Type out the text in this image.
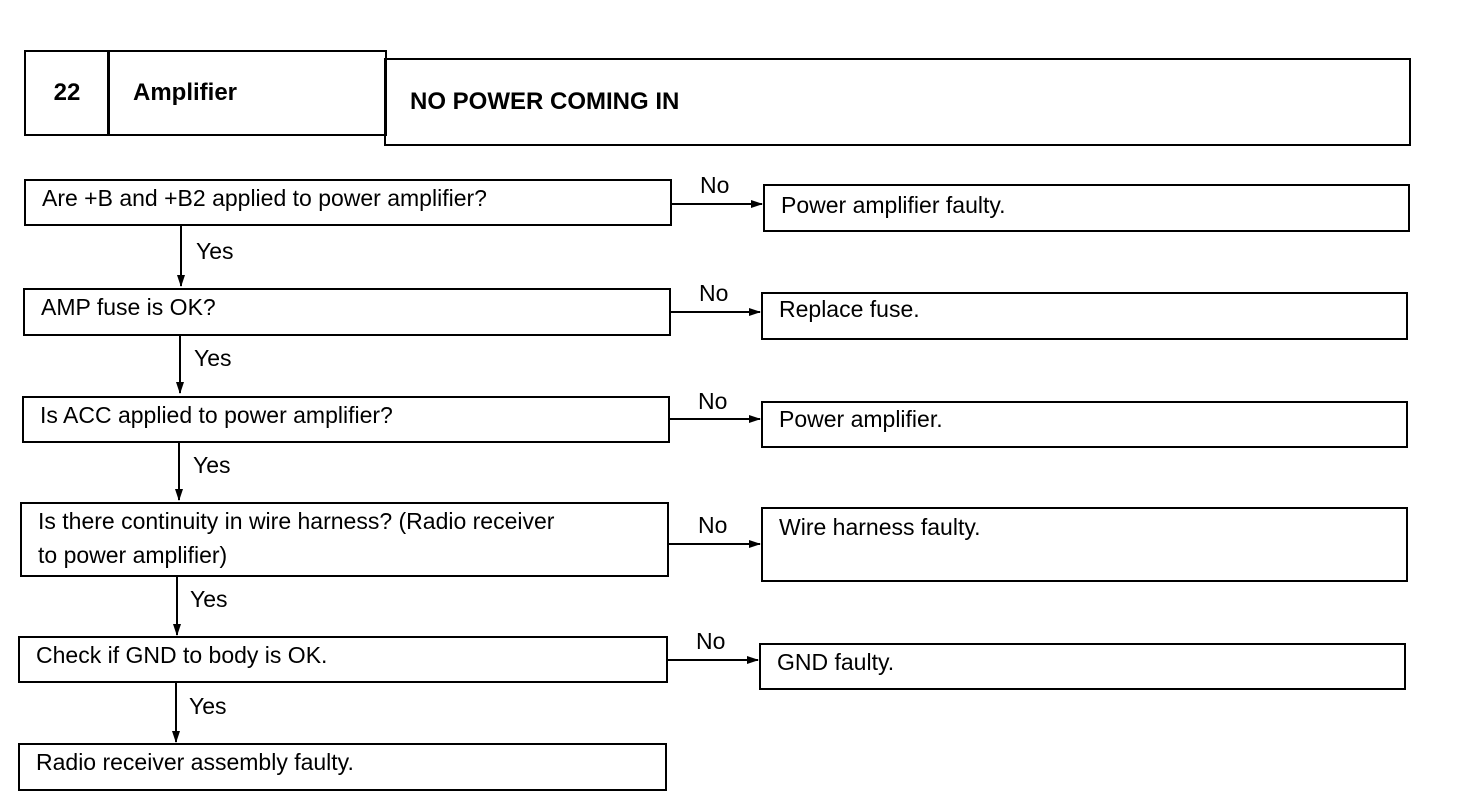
22 Amplifier	NO POWER COMING IN
Are +B and +B2 applied to power amplifier?	Power amplifier faulty.
No
Yes
AMP fuse is OK?	Replace fuse.
No
Yes
Is ACC applied to power amplifier?	Power amplifier.
No
Yes
Is there continuity in wire harness? (Radio receiver
to power amplifier)
Wire harness faulty.
No
Yes
Check if GND to body is OK.	GND faulty.
No
Yes
Radio receiver assembly faulty.
